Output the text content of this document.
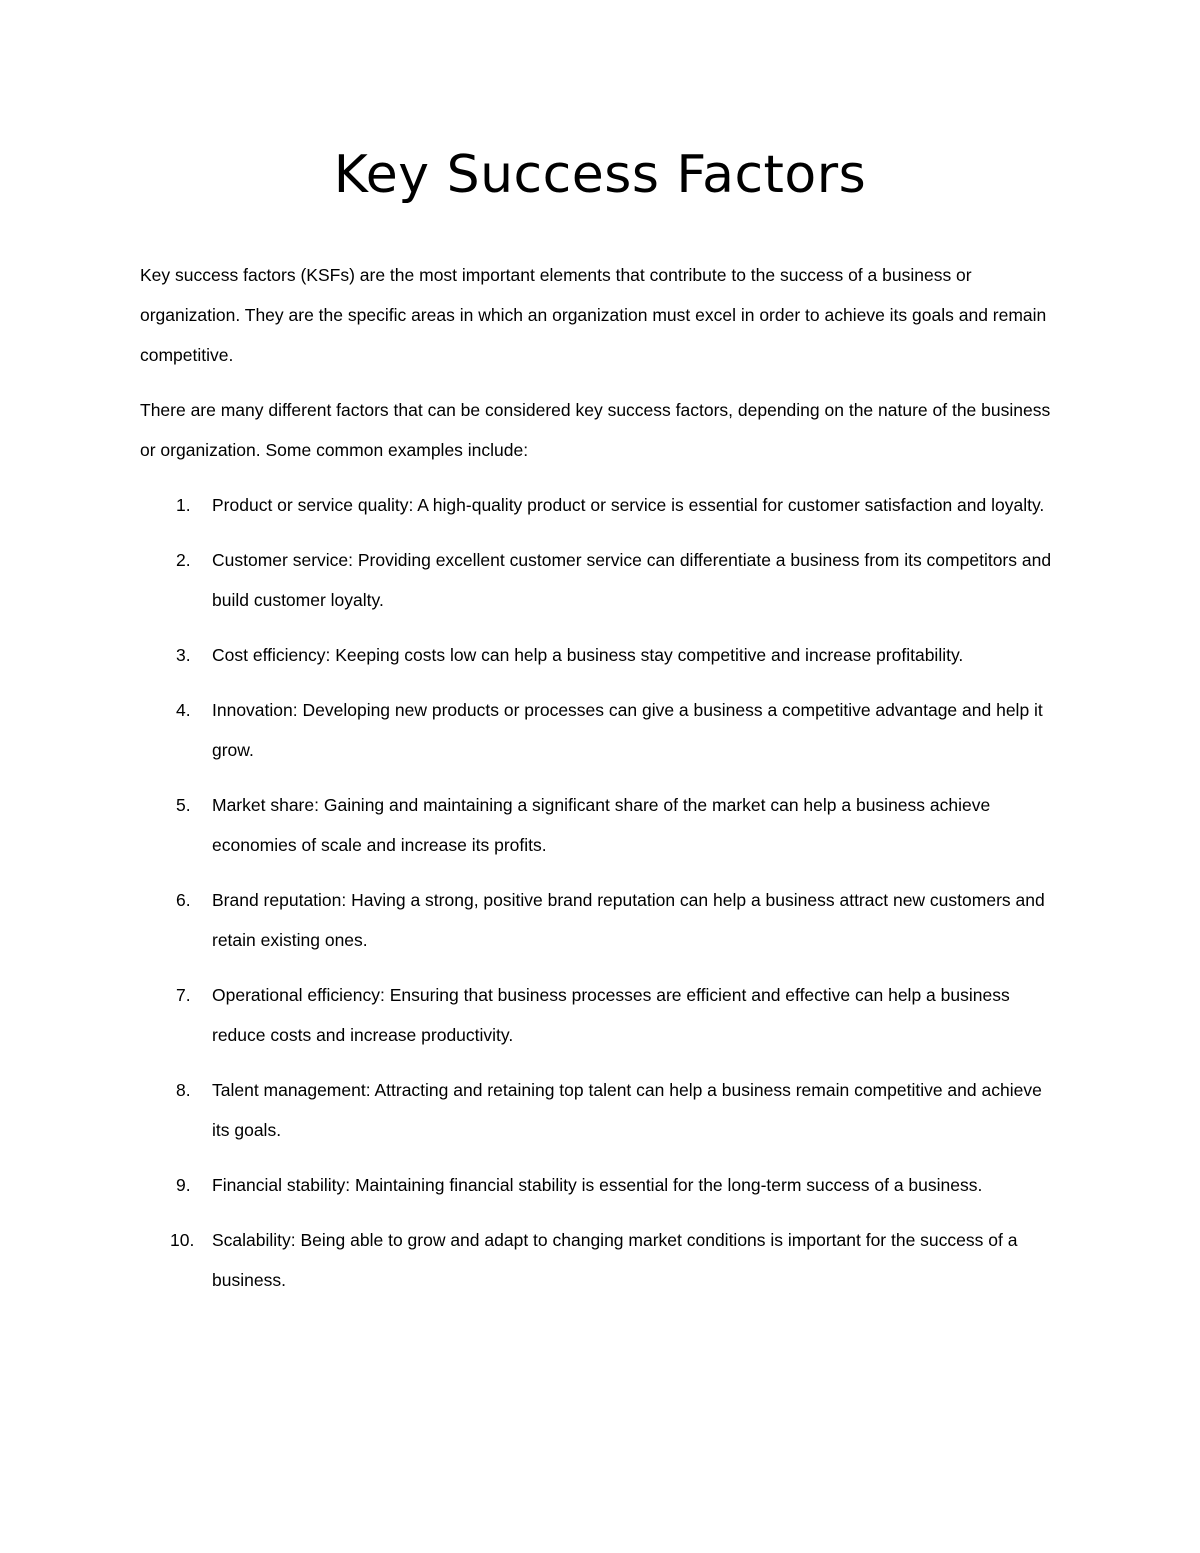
Key Success Factors

Key success factors (KSFs) are the most important elements that contribute to the success of a business or organization. They are the specific areas in which an organization must excel in order to achieve its goals and remain competitive.

There are many different factors that can be considered key success factors, depending on the nature of the business or organization. Some common examples include:

1. Product or service quality: A high-quality product or service is essential for customer satisfaction and loyalty.
2. Customer service: Providing excellent customer service can differentiate a business from its competitors and build customer loyalty.
3. Cost efficiency: Keeping costs low can help a business stay competitive and increase profitability.
4. Innovation: Developing new products or processes can give a business a competitive advantage and help it grow.
5. Market share: Gaining and maintaining a significant share of the market can help a business achieve economies of scale and increase its profits.
6. Brand reputation: Having a strong, positive brand reputation can help a business attract new customers and retain existing ones.
7. Operational efficiency: Ensuring that business processes are efficient and effective can help a business reduce costs and increase productivity.
8. Talent management: Attracting and retaining top talent can help a business remain competitive and achieve its goals.
9. Financial stability: Maintaining financial stability is essential for the long-term success of a business.
10. Scalability: Being able to grow and adapt to changing market conditions is important for the success of a business.
